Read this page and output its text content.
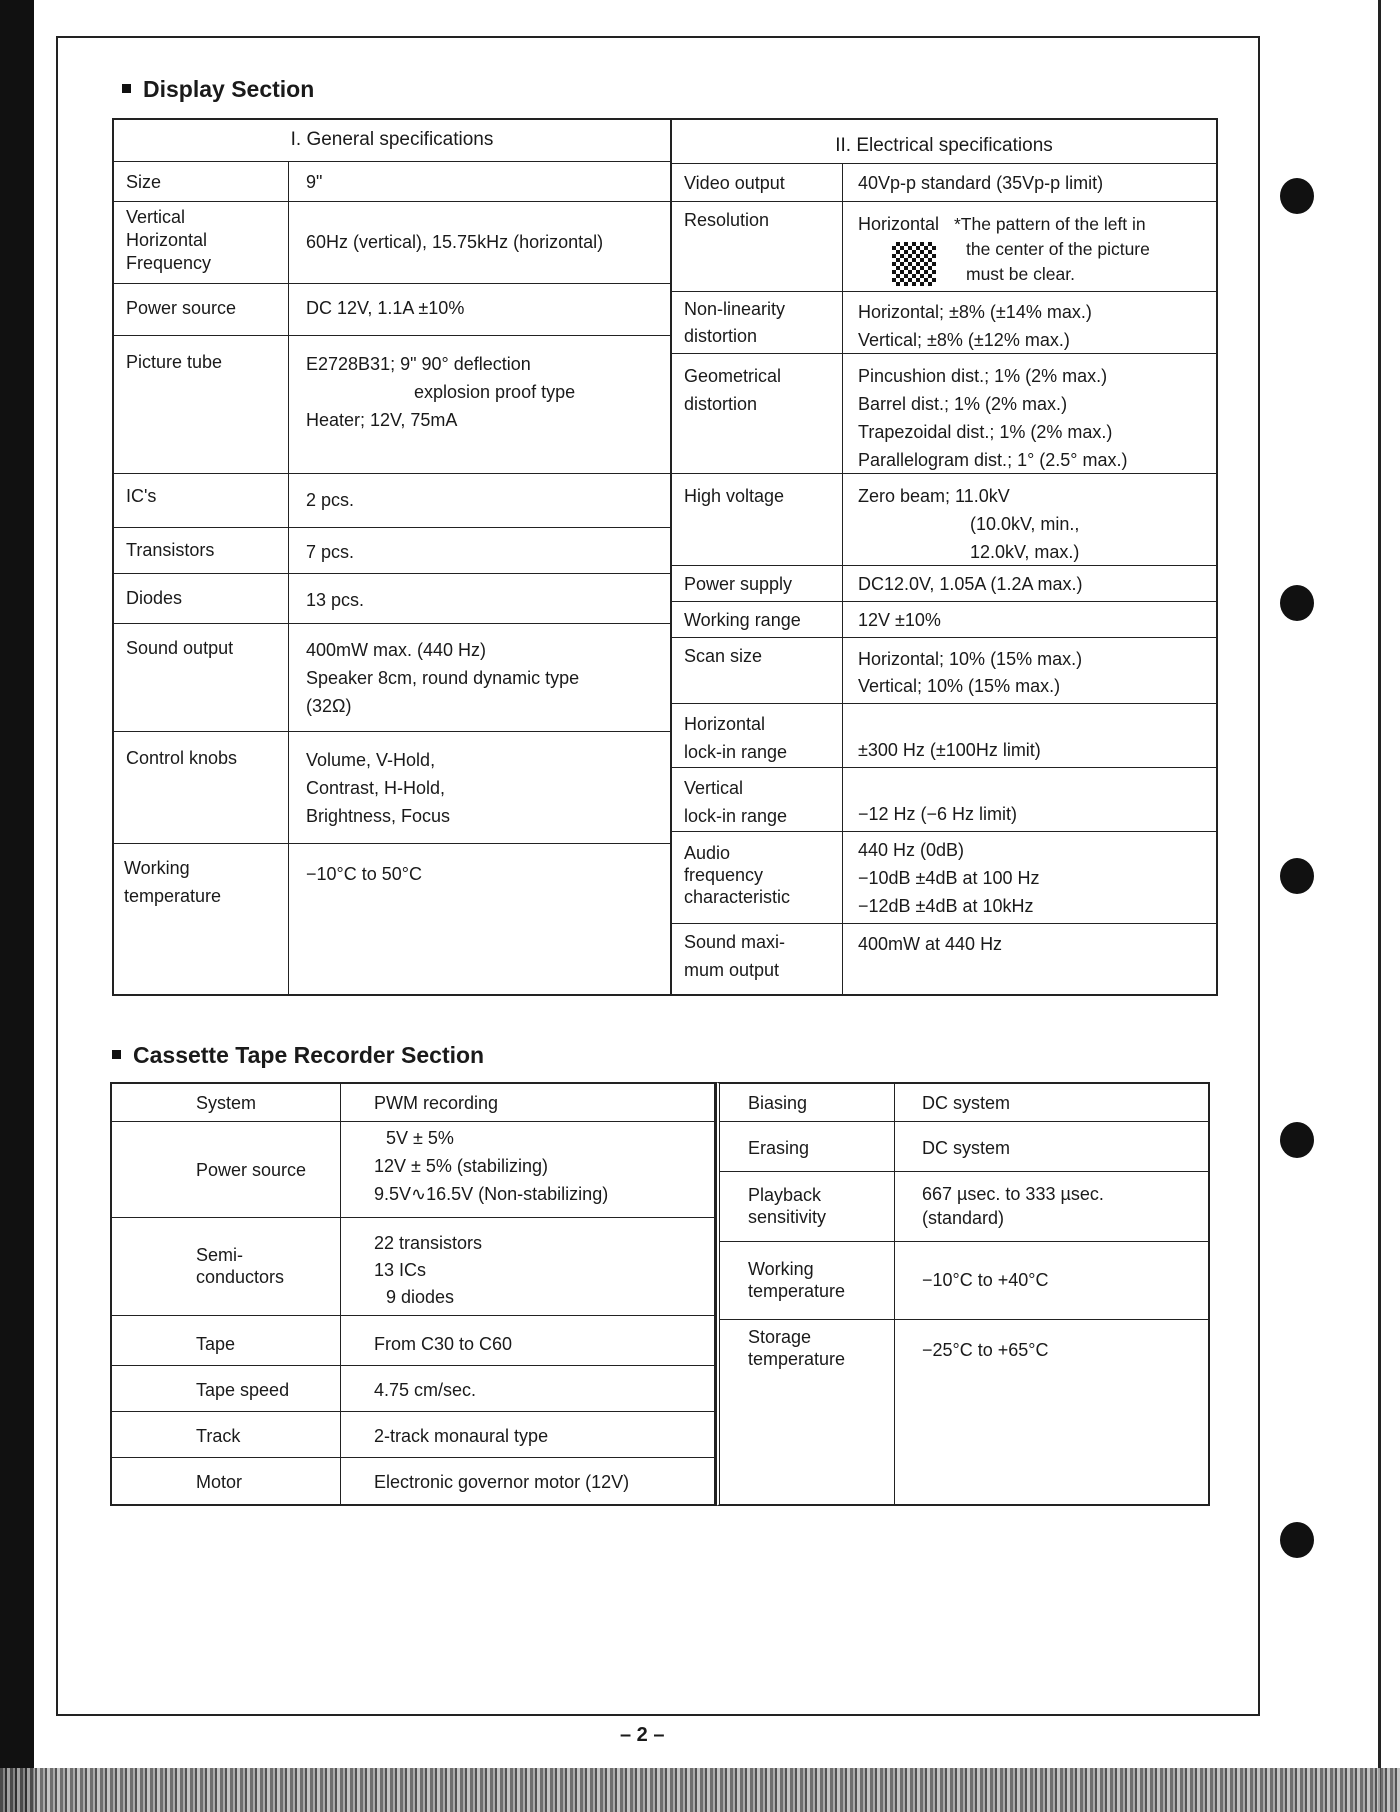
Display Section
I. General specifications
Size	9"
Vertical
Horizontal
Frequency
60Hz (vertical), 15.75kHz (horizontal)
Power source	DC 12V, 1.1A ±10%
Picture tube	E2728B31; 9" 90° deflection
explosion proof type
Heater; 12V, 75mA
IC's	2 pcs.
Transistors	7 pcs.
Diodes	13 pcs.
Sound output	400mW max. (440 Hz)
Speaker 8cm, round dynamic type
(32Ω)
Control knobs	Volume, V-Hold,
Contrast, H-Hold,
Brightness, Focus
Working
temperature
−10°C to 50°C
II. Electrical specifications
Video output	40Vp-p standard (35Vp-p limit)
Resolution	Horizontal *The pattern of the left in
the center of the picture
must be clear.
Non-linearity
distortion
Horizontal; ±8% (±14% max.)
Vertical; ±8% (±12% max.)
Geometrical
distortion
Pincushion dist.; 1% (2% max.)
Barrel dist.; 1% (2% max.)
Trapezoidal dist.; 1% (2% max.)
Parallelogram dist.; 1° (2.5° max.)
High voltage	Zero beam; 11.0kV
(10.0kV, min.,
12.0kV, max.)
Power supply	DC12.0V, 1.05A (1.2A max.)
Working range	12V ±10%
Scan size	Horizontal; 10% (15% max.)
Vertical; 10% (15% max.)
Horizontal
lock-in range	±300 Hz (±100Hz limit)
Vertical
lock-in range	−12 Hz (−6 Hz limit)
Audio
frequency
characteristic
440 Hz (0dB)
−10dB ±4dB at 100 Hz
−12dB ±4dB at 10kHz
Sound maxi-
mum output
400mW at 440 Hz
Cassette Tape Recorder Section
System	PWM recording
Power source
5V ± 5%
12V ± 5% (stabilizing)
9.5V∿16.5V (Non-stabilizing)
Semi-
conductors
22 transistors
13 ICs
9 diodes
Tape	From C30 to C60
Tape speed	4.75 cm/sec.
Track	2-track monaural type
Motor	Electronic governor motor (12V)
Biasing	DC system
Erasing	DC system
Playback
sensitivity
667 µsec. to 333 µsec.
(standard)
Working
temperature
−10°C to +40°C
Storage
temperature	−25°C to +65°C
– 2 –
